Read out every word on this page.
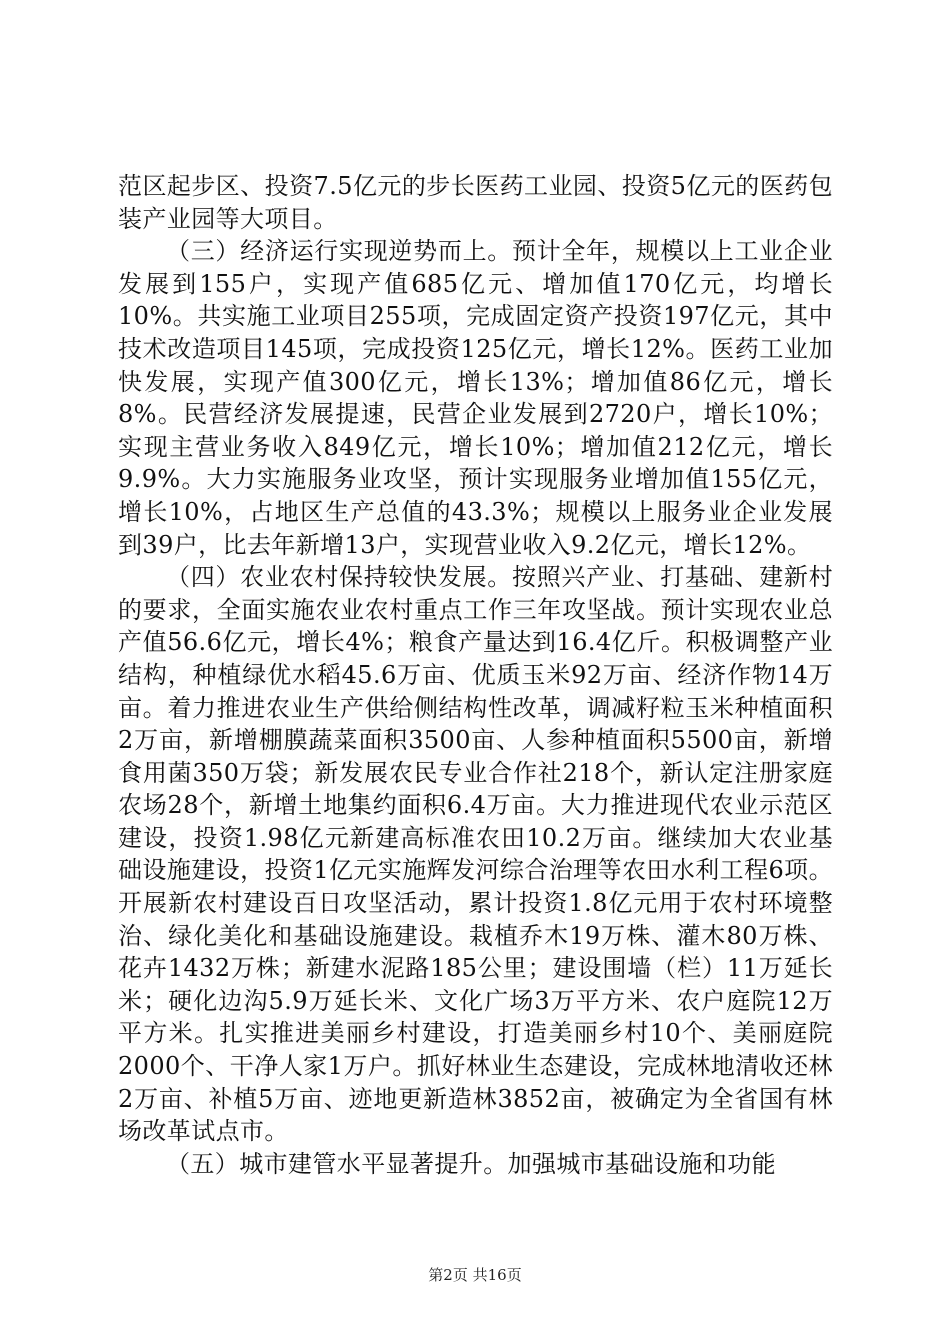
范区起步区、投资7.5亿元的步长医药工业园、投资5亿元的医药包装产业园等大项目。

（三）经济运行实现逆势而上。预计全年，规模以上工业企业发展到155户，实现产值685亿元、增加值170亿元，均增长10%。共实施工业项目255项，完成固定资产投资197亿元，其中技术改造项目145项，完成投资125亿元，增长12%。医药工业加快发展，实现产值300亿元，增长13%；增加值86亿元，增长8%。民营经济发展提速，民营企业发展到2720户，增长10%；实现主营业务收入849亿元，增长10%；增加值212亿元，增长9.9%。大力实施服务业攻坚，预计实现服务业增加值155亿元，增长10%，占地区生产总值的43.3%；规模以上服务业企业发展到39户，比去年新增13户，实现营业收入9.2亿元，增长12%。

（四）农业农村保持较快发展。按照兴产业、打基础、建新村的要求，全面实施农业农村重点工作三年攻坚战。预计实现农业总产值56.6亿元，增长4%；粮食产量达到16.4亿斤。积极调整产业结构，种植绿优水稻45.6万亩、优质玉米92万亩、经济作物14万亩。着力推进农业生产供给侧结构性改革，调减籽粒玉米种植面积2万亩，新增棚膜蔬菜面积3500亩、人参种植面积5500亩，新增食用菌350万袋；新发展农民专业合作社218个，新认定注册家庭农场28个，新增土地集约面积6.4万亩。大力推进现代农业示范区建设，投资1.98亿元新建高标准农田10.2万亩。继续加大农业基础设施建设，投资1亿元实施辉发河综合治理等农田水利工程6项。开展新农村建设百日攻坚活动，累计投资1.8亿元用于农村环境整治、绿化美化和基础设施建设。栽植乔木19万株、灌木80万株、花卉1432万株；新建水泥路185公里；建设围墙（栏）11万延长米；硬化边沟5.9万延长米、文化广场3万平方米、农户庭院12万平方米。扎实推进美丽乡村建设，打造美丽乡村10个、美丽庭院2000个、干净人家1万户。抓好林业生态建设，完成林地清收还林2万亩、补植5万亩、迹地更新造林3852亩，被确定为全省国有林场改革试点市。

（五）城市建管水平显著提升。加强城市基础设施和功能

第2页 共16页
